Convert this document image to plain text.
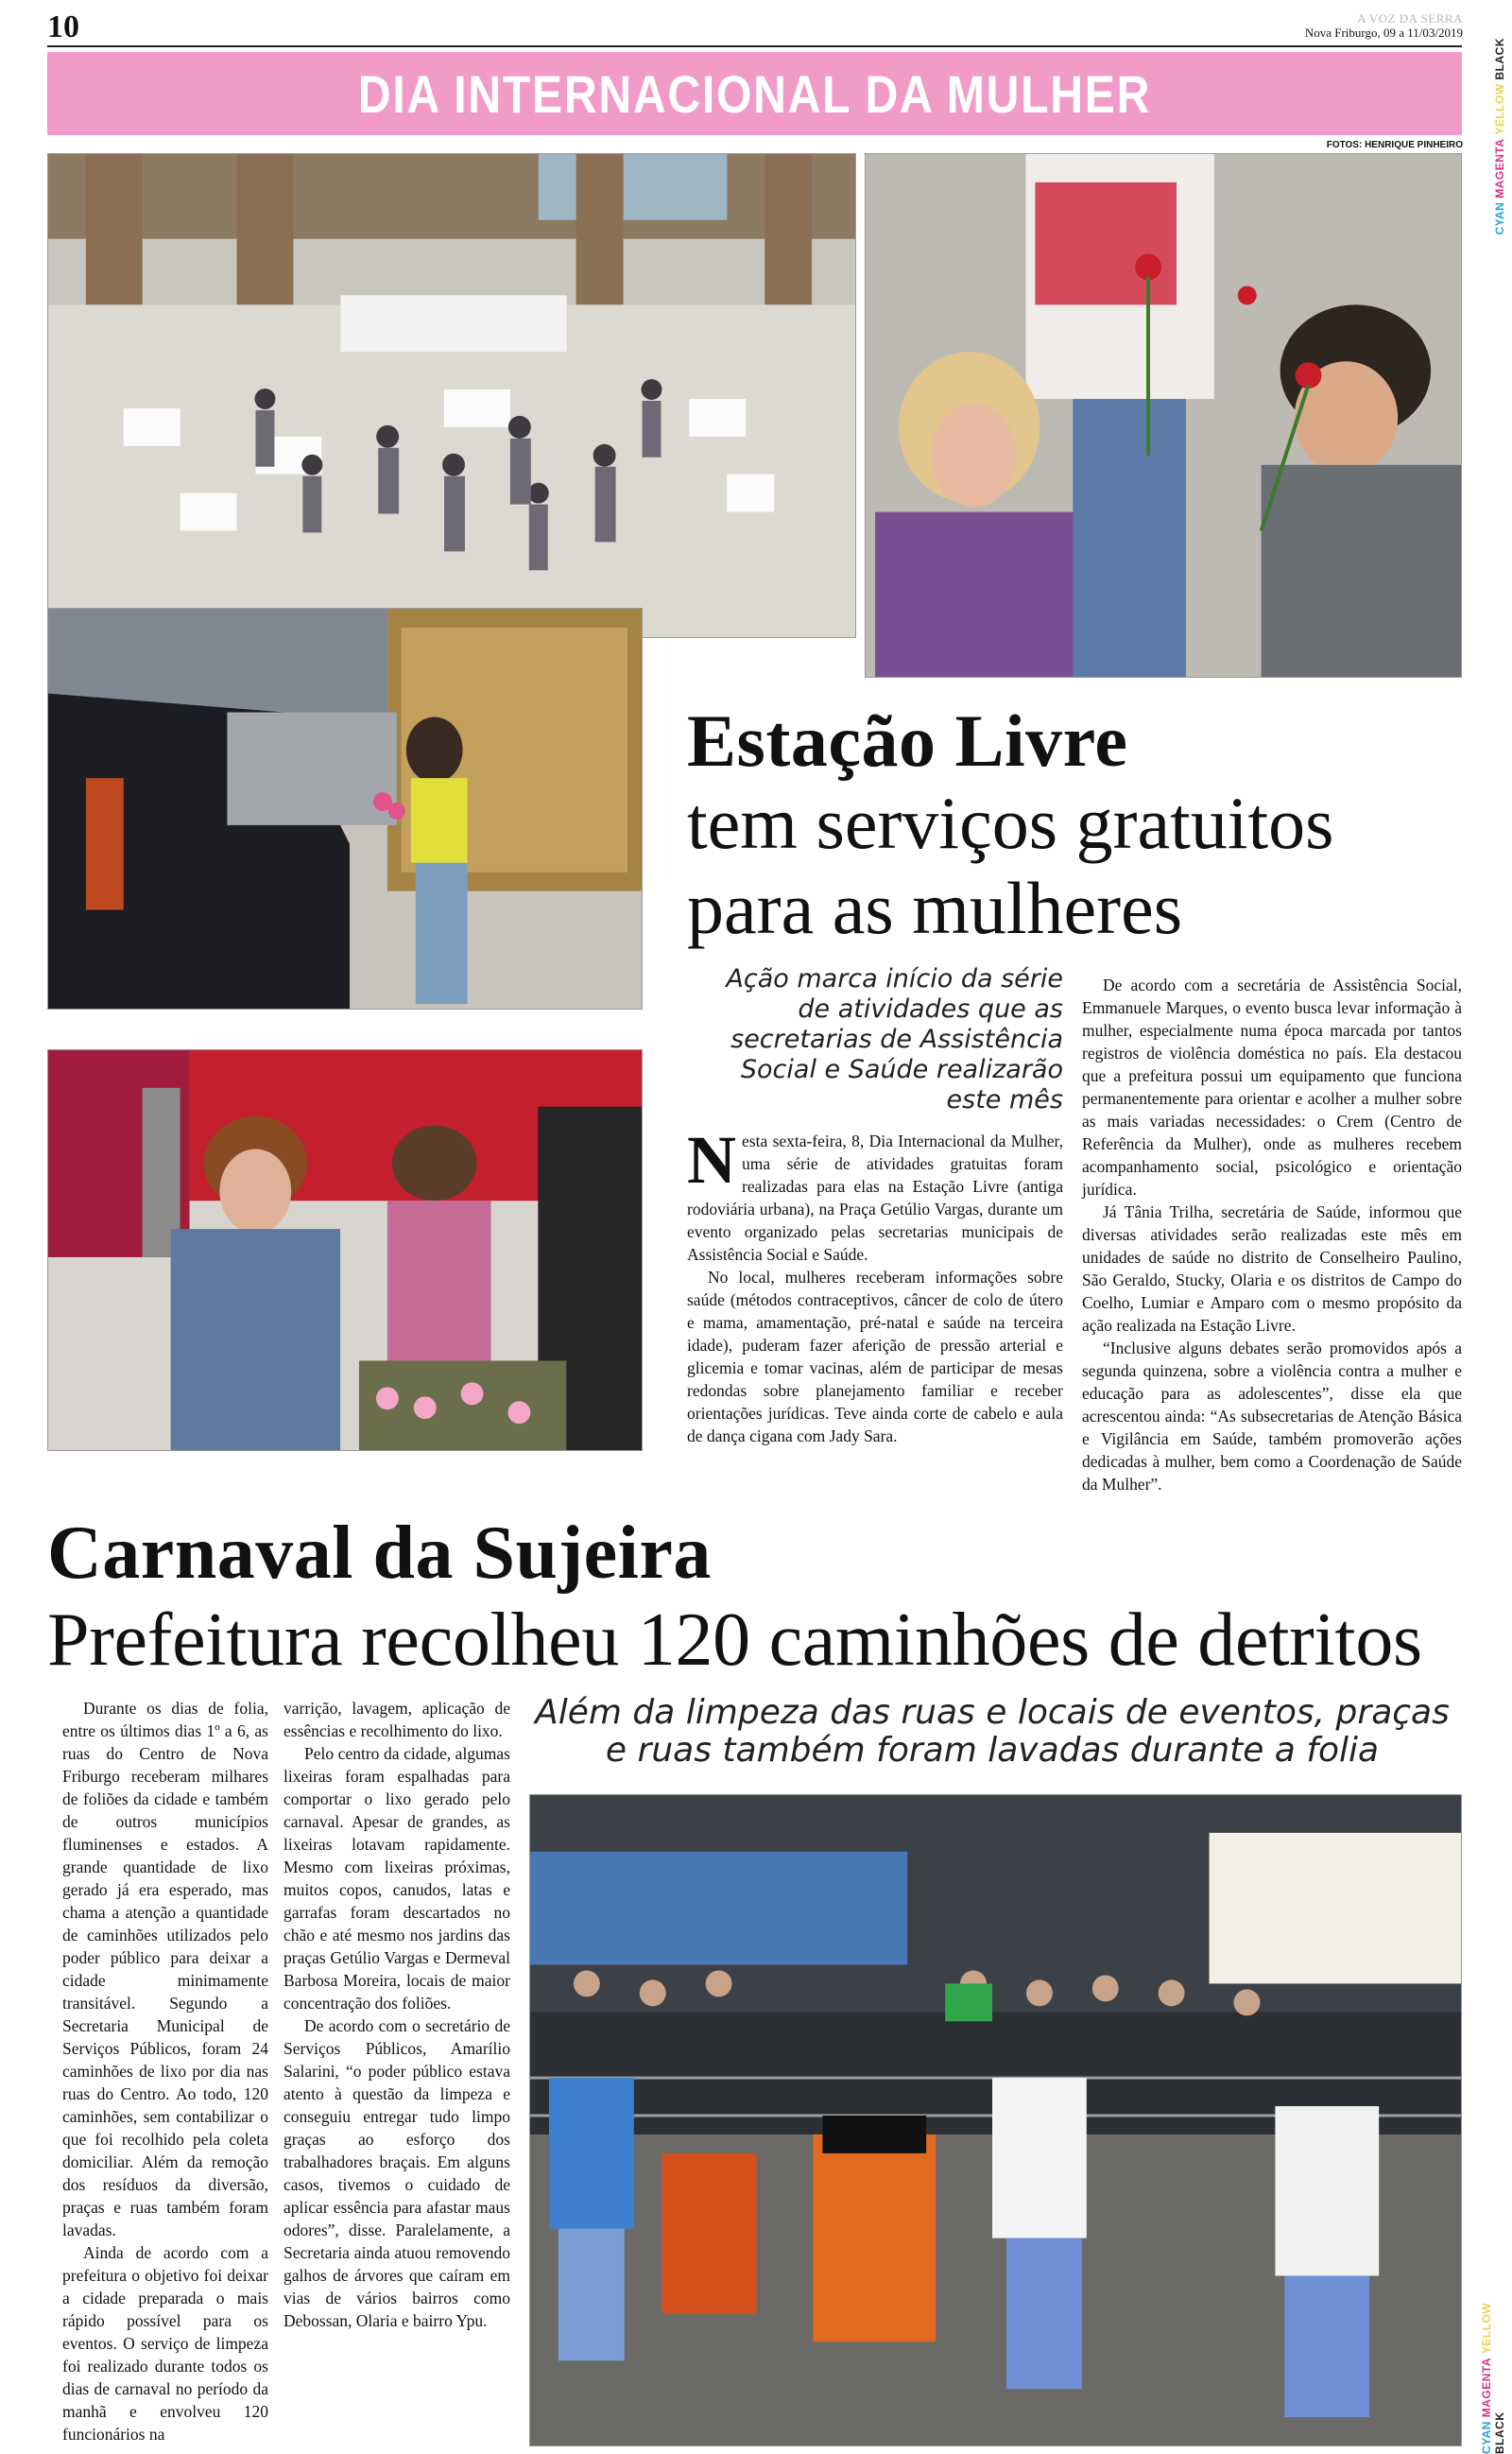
10	A VOZ DA SERRA
Nova Friburgo, 09 a 11/03/2019
DIA INTERNACIONAL DA MULHER
FOTOS: HENRIQUE PINHEIRO
CYAN MAGENTA YELLOW BLACK
CYAN MAGENTA YELLOW BLACK
Estação Livre
tem serviços gratuitos
para as mulheres
Ação marca início da série de atividades que as secretarias de Assistência Social e Saúde realizarão este mês

Nesta sexta-feira, 8, Dia Internacional da Mulher, uma série de atividades gratuitas foram realizadas para elas na Estação Livre (antiga rodoviária urbana), na Praça Getúlio Vargas, durante um evento organizado pelas secretarias municipais de Assistência Social e Saúde.

No local, mulheres receberam informações sobre saúde (métodos contraceptivos, câncer de colo de útero e mama, amamentação, pré-natal e saúde na terceira idade), puderam fazer aferição de pressão arterial e glicemia e tomar vacinas, além de participar de mesas redondas sobre planejamento familiar e receber orientações jurídicas. Teve ainda corte de cabelo e aula de dança cigana com Jady Sara.

De acordo com a secretária de Assistência Social, Emmanuele Marques, o evento busca levar informação à mulher, especialmente numa época marcada por tantos registros de violência doméstica no país. Ela destacou que a prefeitura possui um equipamento que funciona permanentemente para orientar e acolher a mulher sobre as mais variadas necessidades: o Crem (Centro de Referência da Mulher), onde as mulheres recebem acompanhamento social, psicológico e orientação jurídica.

Já Tânia Trilha, secretária de Saúde, informou que diversas atividades serão realizadas este mês em unidades de saúde no distrito de Conselheiro Paulino, São Geraldo, Stucky, Olaria e os distritos de Campo do Coelho, Lumiar e Amparo com o mesmo propósito da ação realizada na Estação Livre.

“Inclusive alguns debates serão promovidos após a segunda quinzena, sobre a violência contra a mulher e educação para as adolescentes”, disse ela que acrescentou ainda: “As subsecretarias de Atenção Básica e Vigilância em Saúde, também promoverão ações dedicadas à mulher, bem como a Coordenação de Saúde da Mulher”.

Carnaval da Sujeira
Prefeitura recolheu 120 caminhões de detritos
Além da limpeza das ruas e locais de eventos, praças e ruas também foram lavadas durante a folia

Durante os dias de folia, entre os últimos dias 1º a 6, as ruas do Centro de Nova Friburgo receberam milhares de foliões da cidade e também de outros municípios fluminenses e estados. A grande quantidade de lixo gerado já era esperado, mas chama a atenção a quantidade de caminhões utilizados pelo poder público para deixar a cidade minimamente transitável. Segundo a Secretaria Municipal de Serviços Públicos, foram 24 caminhões de lixo por dia nas ruas do Centro. Ao todo, 120 caminhões, sem contabilizar o que foi recolhido pela coleta domiciliar. Além da remoção dos resíduos da diversão, praças e ruas também foram lavadas.

Ainda de acordo com a prefeitura o objetivo foi deixar a cidade preparada o mais rápido possível para os eventos. O serviço de limpeza foi realizado durante todos os dias de carnaval no período da manhã e envolveu 120 funcionários na

varrição, lavagem, aplicação de essências e recolhimento do lixo.

Pelo centro da cidade, algumas lixeiras foram espalhadas para comportar o lixo gerado pelo carnaval. Apesar de grandes, as lixeiras lotavam rapidamente. Mesmo com lixeiras próximas, muitos copos, canudos, latas e garrafas foram descartados no chão e até mesmo nos jardins das praças Getúlio Vargas e Dermeval Barbosa Moreira, locais de maior concentração dos foliões.

De acordo com o secretário de Serviços Públicos, Amarílio Salarini, “o poder público estava atento à questão da limpeza e conseguiu entregar tudo limpo graças ao esforço dos trabalhadores braçais. Em alguns casos, tivemos o cuidado de aplicar essência para afastar maus odores”, disse. Paralelamente, a Secretaria ainda atuou removendo galhos de árvores que caíram em vias de vários bairros como Debossan, Olaria e bairro Ypu.
